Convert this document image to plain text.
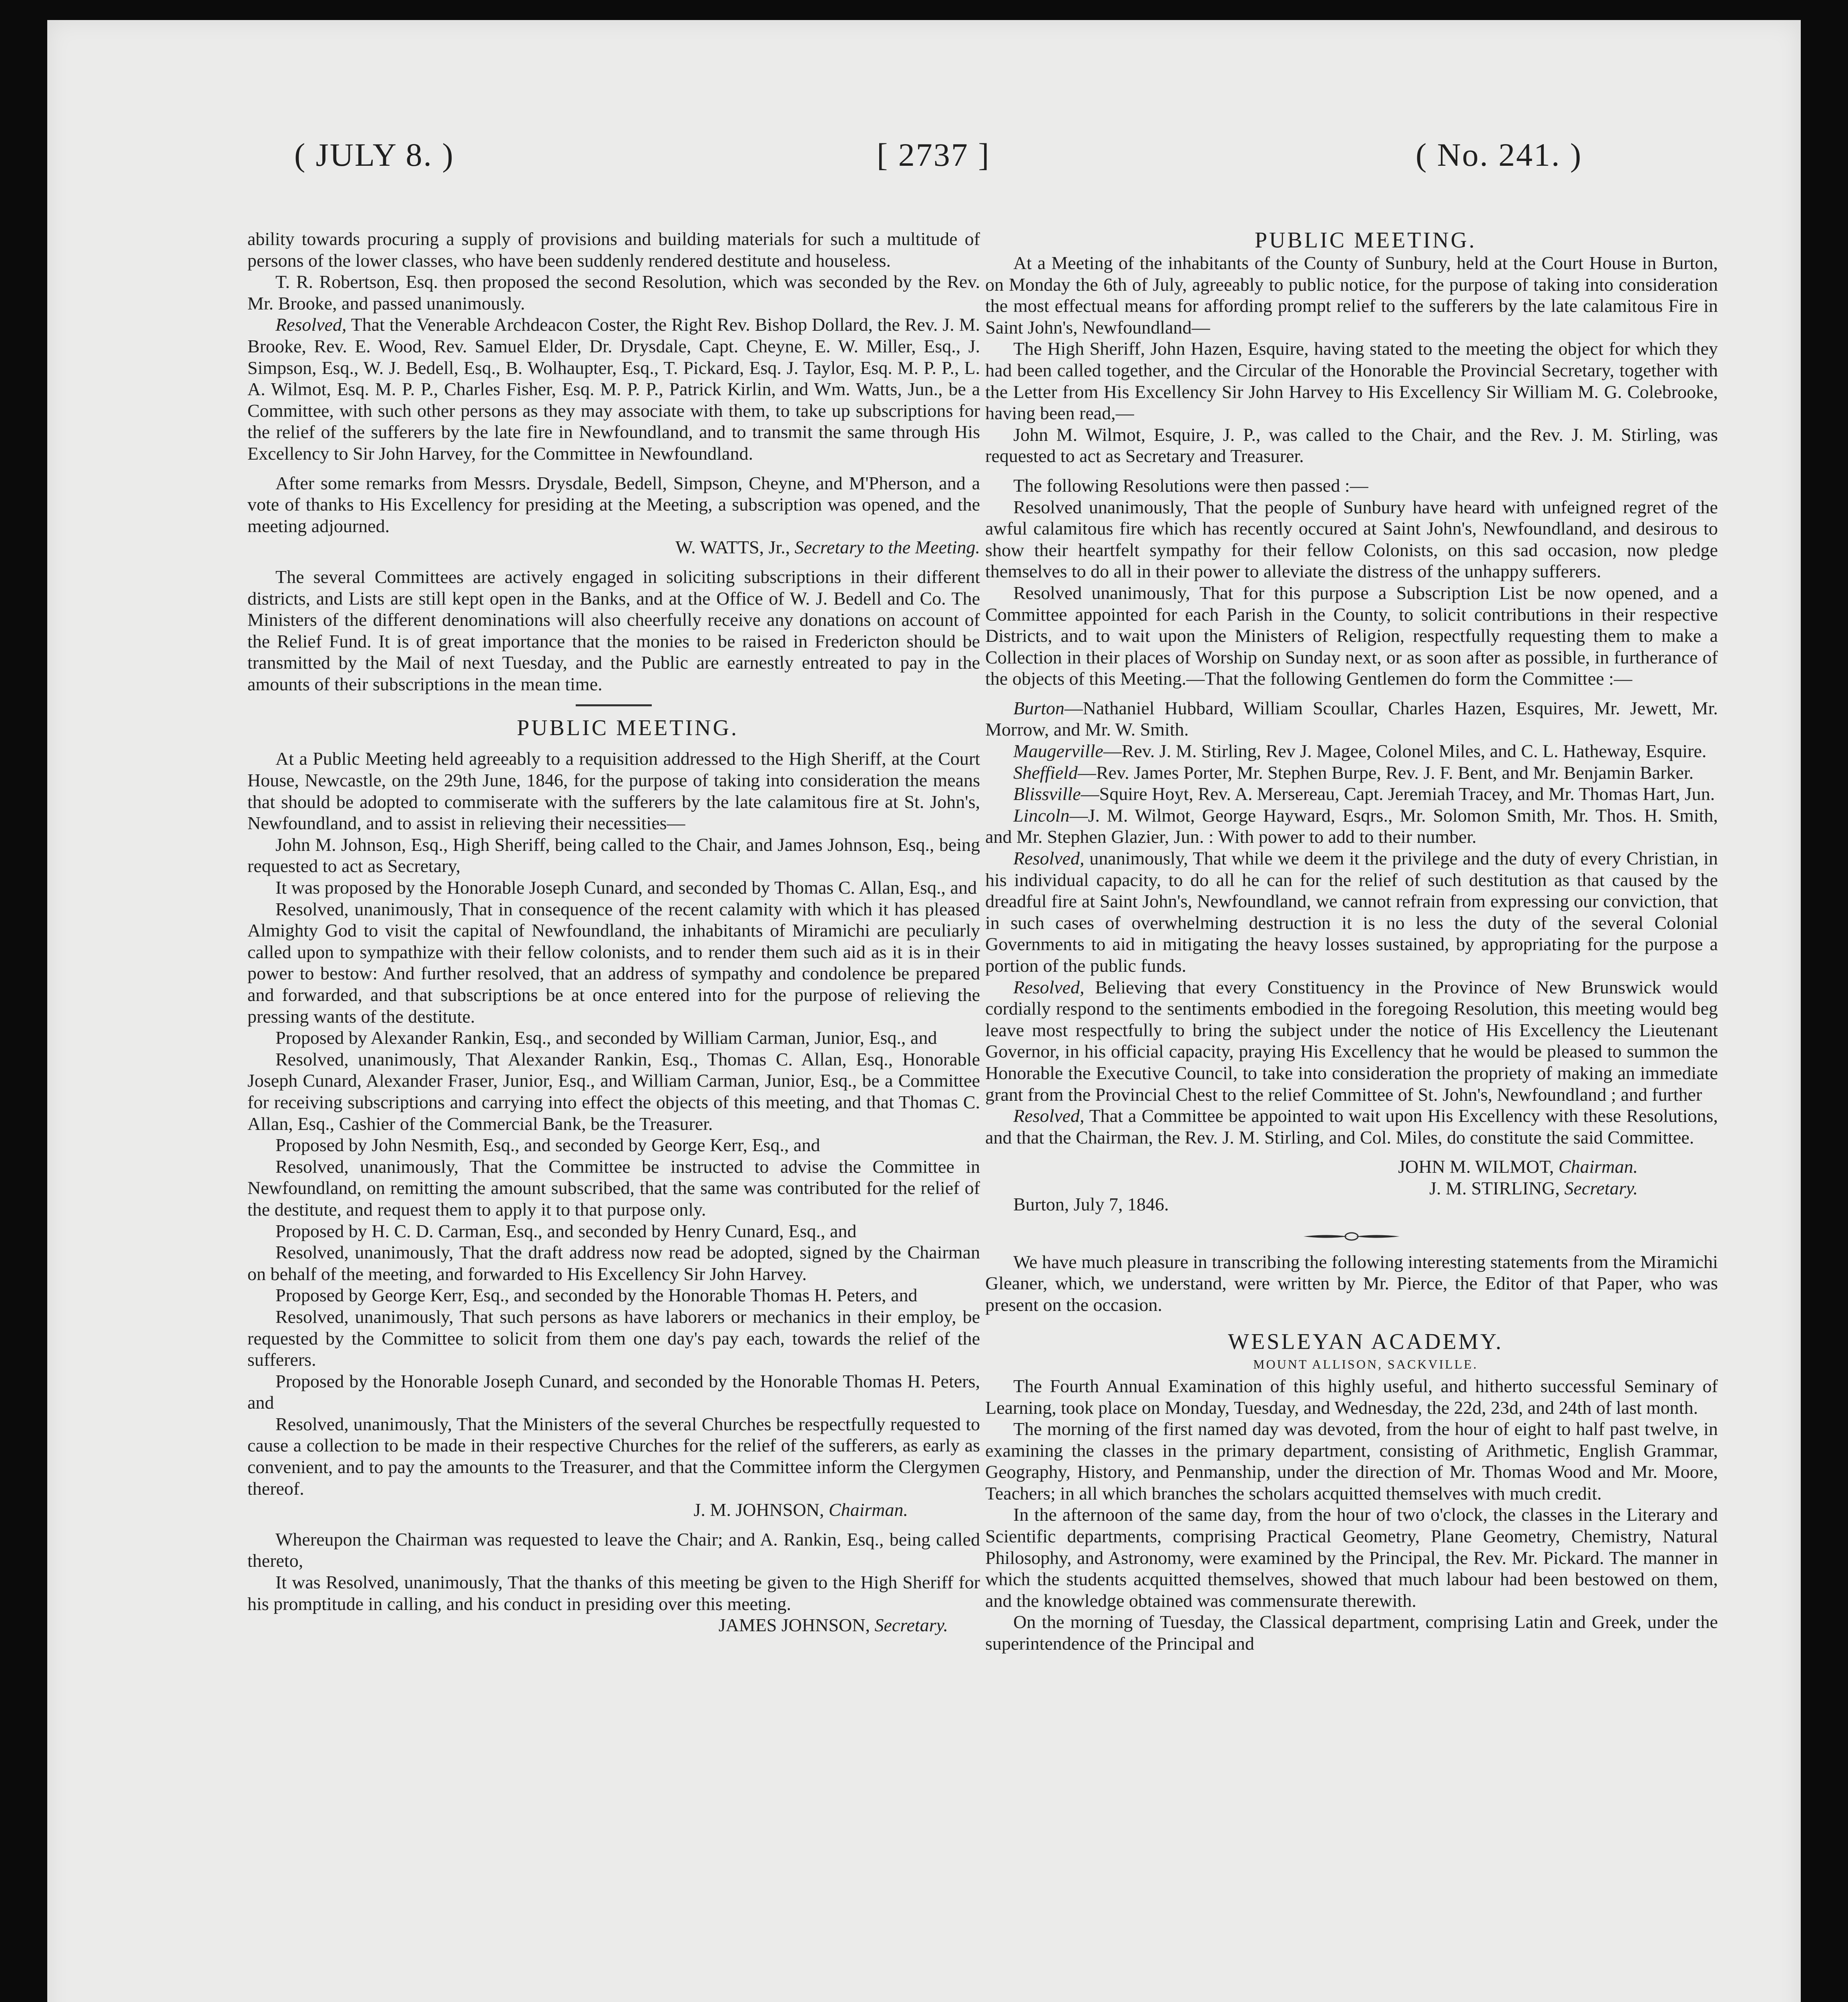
( JULY 8. )	[ 2737 ]	( No. 241. )

ability towards procuring a supply of provisions and building materials for such a multitude of persons of the lower classes, who have been suddenly rendered destitute and houseless.

T. R. Robertson, Esq. then proposed the second Resolution, which was seconded by the Rev. Mr. Brooke, and passed unanimously.

Resolved, That the Venerable Archdeacon Coster, the Right Rev. Bishop Dollard, the Rev. J. M. Brooke, Rev. E. Wood, Rev. Samuel Elder, Dr. Drysdale, Capt. Cheyne, E. W. Miller, Esq., J. Simpson, Esq., W. J. Bedell, Esq., B. Wolhaupter, Esq., T. Pickard, Esq. J. Taylor, Esq. M. P. P., L. A. Wilmot, Esq. M. P. P., Charles Fisher, Esq. M. P. P., Patrick Kirlin, and Wm. Watts, Jun., be a Committee, with such other persons as they may associate with them, to take up subscriptions for the relief of the sufferers by the late fire in Newfoundland, and to transmit the same through His Excellency to Sir John Harvey, for the Committee in Newfoundland.

After some remarks from Messrs. Drysdale, Bedell, Simpson, Cheyne, and M'Pherson, and a vote of thanks to His Excellency for presiding at the Meeting, a subscription was opened, and the meeting adjourned.

W. WATTS, Jr., Secretary to the Meeting.

The several Committees are actively engaged in soliciting subscriptions in their different districts, and Lists are still kept open in the Banks, and at the Office of W. J. Bedell and Co. The Ministers of the different denominations will also cheerfully receive any donations on account of the Relief Fund. It is of great importance that the monies to be raised in Fredericton should be transmitted by the Mail of next Tuesday, and the Public are earnestly entreated to pay in the amounts of their subscriptions in the mean time.

PUBLIC MEETING.

At a Public Meeting held agreeably to a requisition addressed to the High Sheriff, at the Court House, Newcastle, on the 29th June, 1846, for the purpose of taking into consideration the means that should be adopted to commiserate with the sufferers by the late calamitous fire at St. John's, Newfoundland, and to assist in relieving their necessities—

John M. Johnson, Esq., High Sheriff, being called to the Chair, and James Johnson, Esq., being requested to act as Secretary,

It was proposed by the Honorable Joseph Cunard, and seconded by Thomas C. Allan, Esq., and

Resolved, unanimously, That in consequence of the recent calamity with which it has pleased Almighty God to visit the capital of Newfoundland, the inhabitants of Miramichi are peculiarly called upon to sympathize with their fellow colonists, and to render them such aid as it is in their power to bestow: And further resolved, that an address of sympathy and condolence be prepared and forwarded, and that subscriptions be at once entered into for the purpose of relieving the pressing wants of the destitute.

Proposed by Alexander Rankin, Esq., and seconded by William Carman, Junior, Esq., and

Resolved, unanimously, That Alexander Rankin, Esq., Thomas C. Allan, Esq., Honorable Joseph Cunard, Alexander Fraser, Junior, Esq., and William Carman, Junior, Esq., be a Committee for receiving subscriptions and carrying into effect the objects of this meeting, and that Thomas C. Allan, Esq., Cashier of the Commercial Bank, be the Treasurer.

Proposed by John Nesmith, Esq., and seconded by George Kerr, Esq., and

Resolved, unanimously, That the Committee be instructed to advise the Committee in Newfoundland, on remitting the amount subscribed, that the same was contributed for the relief of the destitute, and request them to apply it to that purpose only.

Proposed by H. C. D. Carman, Esq., and seconded by Henry Cunard, Esq., and

Resolved, unanimously, That the draft address now read be adopted, signed by the Chairman on behalf of the meeting, and forwarded to His Excellency Sir John Harvey.

Proposed by George Kerr, Esq., and seconded by the Honorable Thomas H. Peters, and

Resolved, unanimously, That such persons as have laborers or mechanics in their employ, be requested by the Committee to solicit from them one day's pay each, towards the relief of the sufferers.

Proposed by the Honorable Joseph Cunard, and seconded by the Honorable Thomas H. Peters, and

Resolved, unanimously, That the Ministers of the several Churches be respectfully requested to cause a collection to be made in their respective Churches for the relief of the sufferers, as early as convenient, and to pay the amounts to the Treasurer, and that the Committee inform the Clergymen thereof.

J. M. JOHNSON, Chairman.

Whereupon the Chairman was requested to leave the Chair; and A. Rankin, Esq., being called thereto,

It was Resolved, unanimously, That the thanks of this meeting be given to the High Sheriff for his promptitude in calling, and his conduct in presiding over this meeting.

JAMES JOHNSON, Secretary.

PUBLIC MEETING.

At a Meeting of the inhabitants of the County of Sunbury, held at the Court House in Burton, on Monday the 6th of July, agreeably to public notice, for the purpose of taking into consideration the most effectual means for affording prompt relief to the sufferers by the late calamitous Fire in Saint John's, Newfoundland—

The High Sheriff, John Hazen, Esquire, having stated to the meeting the object for which they had been called together, and the Circular of the Honorable the Provincial Secretary, together with the Letter from His Excellency Sir John Harvey to His Excellency Sir William M. G. Colebrooke, having been read,—

John M. Wilmot, Esquire, J. P., was called to the Chair, and the Rev. J. M. Stirling, was requested to act as Secretary and Treasurer.

The following Resolutions were then passed :—

Resolved unanimously, That the people of Sunbury have heard with unfeigned regret of the awful calamitous fire which has recently occured at Saint John's, Newfoundland, and desirous to show their heartfelt sympathy for their fellow Colonists, on this sad occasion, now pledge themselves to do all in their power to alleviate the distress of the unhappy sufferers.

Resolved unanimously, That for this purpose a Subscription List be now opened, and a Committee appointed for each Parish in the County, to solicit contributions in their respective Districts, and to wait upon the Ministers of Religion, respectfully requesting them to make a Collection in their places of Worship on Sunday next, or as soon after as possible, in furtherance of the objects of this Meeting.—That the following Gentlemen do form the Committee :—

Burton—Nathaniel Hubbard, William Scoullar, Charles Hazen, Esquires, Mr. Jewett, Mr. Morrow, and Mr. W. Smith.

Maugerville—Rev. J. M. Stirling, Rev J. Magee, Colonel Miles, and C. L. Hatheway, Esquire.

Sheffield—Rev. James Porter, Mr. Stephen Burpe, Rev. J. F. Bent, and Mr. Benjamin Barker.

Blissville—Squire Hoyt, Rev. A. Mersereau, Capt. Jeremiah Tracey, and Mr. Thomas Hart, Jun.

Lincoln—J. M. Wilmot, George Hayward, Esqrs., Mr. Solomon Smith, Mr. Thos. H. Smith, and Mr. Stephen Glazier, Jun. : With power to add to their number.

Resolved, unanimously, That while we deem it the privilege and the duty of every Christian, in his individual capacity, to do all he can for the relief of such destitution as that caused by the dreadful fire at Saint John's, Newfoundland, we cannot refrain from expressing our conviction, that in such cases of overwhelming destruction it is no less the duty of the several Colonial Governments to aid in mitigating the heavy losses sustained, by appropriating for the purpose a portion of the public funds.

Resolved, Believing that every Constituency in the Province of New Brunswick would cordially respond to the sentiments embodied in the foregoing Resolution, this meeting would beg leave most respectfully to bring the subject under the notice of His Excellency the Lieutenant Governor, in his official capacity, praying His Excellency that he would be pleased to summon the Honorable the Executive Council, to take into consideration the propriety of making an immediate grant from the Provincial Chest to the relief Committee of St. John's, Newfoundland ; and further

Resolved, That a Committee be appointed to wait upon His Excellency with these Resolutions, and that the Chairman, the Rev. J. M. Stirling, and Col. Miles, do constitute the said Committee.

JOHN M. WILMOT, Chairman.

Burton, July 7, 1846.
J. M. STIRLING, Secretary.

We have much pleasure in transcribing the following interesting statements from the Miramichi Gleaner, which, we understand, were written by Mr. Pierce, the Editor of that Paper, who was present on the occasion.

WESLEYAN ACADEMY.

MOUNT ALLISON, SACKVILLE.

The Fourth Annual Examination of this highly useful, and hitherto successful Seminary of Learning, took place on Monday, Tuesday, and Wednesday, the 22d, 23d, and 24th of last month.

The morning of the first named day was devoted, from the hour of eight to half past twelve, in examining the classes in the primary department, consisting of Arithmetic, English Grammar, Geography, History, and Penmanship, under the direction of Mr. Thomas Wood and Mr. Moore, Teachers; in all which branches the scholars acquitted themselves with much credit.

In the afternoon of the same day, from the hour of two o'clock, the classes in the Literary and Scientific departments, comprising Practical Geometry, Plane Geometry, Chemistry, Natural Philosophy, and Astronomy, were examined by the Principal, the Rev. Mr. Pickard. The manner in which the students acquitted themselves, showed that much labour had been bestowed on them, and the knowledge obtained was commensurate therewith.

On the morning of Tuesday, the Classical department, comprising Latin and Greek, under the superintendence of the Principal and
